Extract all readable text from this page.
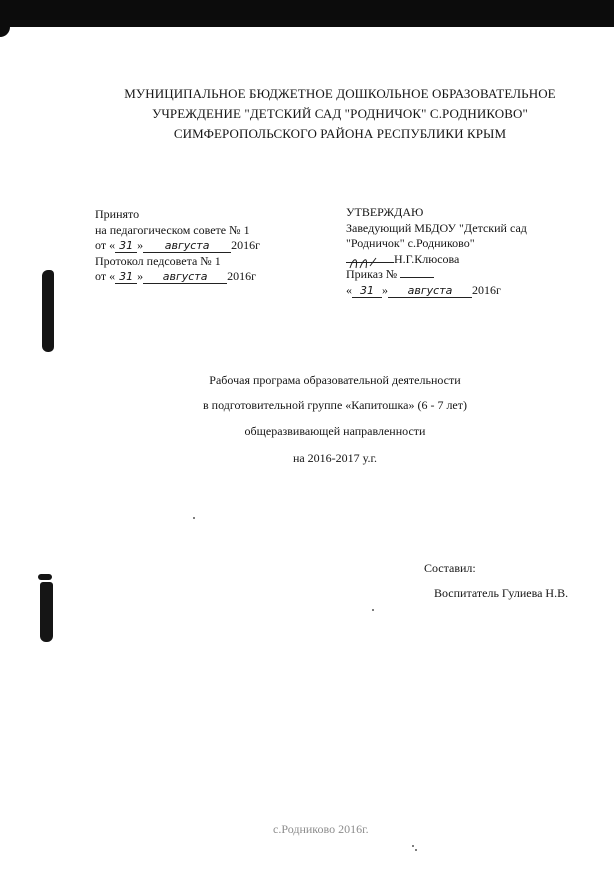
МУНИЦИПАЛЬНОЕ БЮДЖЕТНОЕ ДОШКОЛЬНОЕ ОБРАЗОВАТЕЛЬНОЕ
УЧРЕЖДЕНИЕ "ДЕТСКИЙ САД "РОДНИЧОК" С.РОДНИКОВО"
СИМФЕРОПОЛЬСКОГО РАЙОНА РЕСПУБЛИКИ КРЫМ
Принято
на педагогическом совете № 1
от « 31 » августа 2016г
Протокол педсовета № 1
от « 31 » августа 2016г
УТВЕРЖДАЮ
Заведующий МБДОУ "Детский сад
"Родничок" с.Родниково"
Н.Г.Клюсова
Приказ №
« 31 » августа 2016г
Рабочая програма образовательной деятельности
в подготовительной группе «Капитошка» (6 - 7 лет)
общеразвивающей направленности
на 2016-2017 у.г.
Составил:
Воспитатель Гулиева Н.В.
с.Родниково 2016г.
